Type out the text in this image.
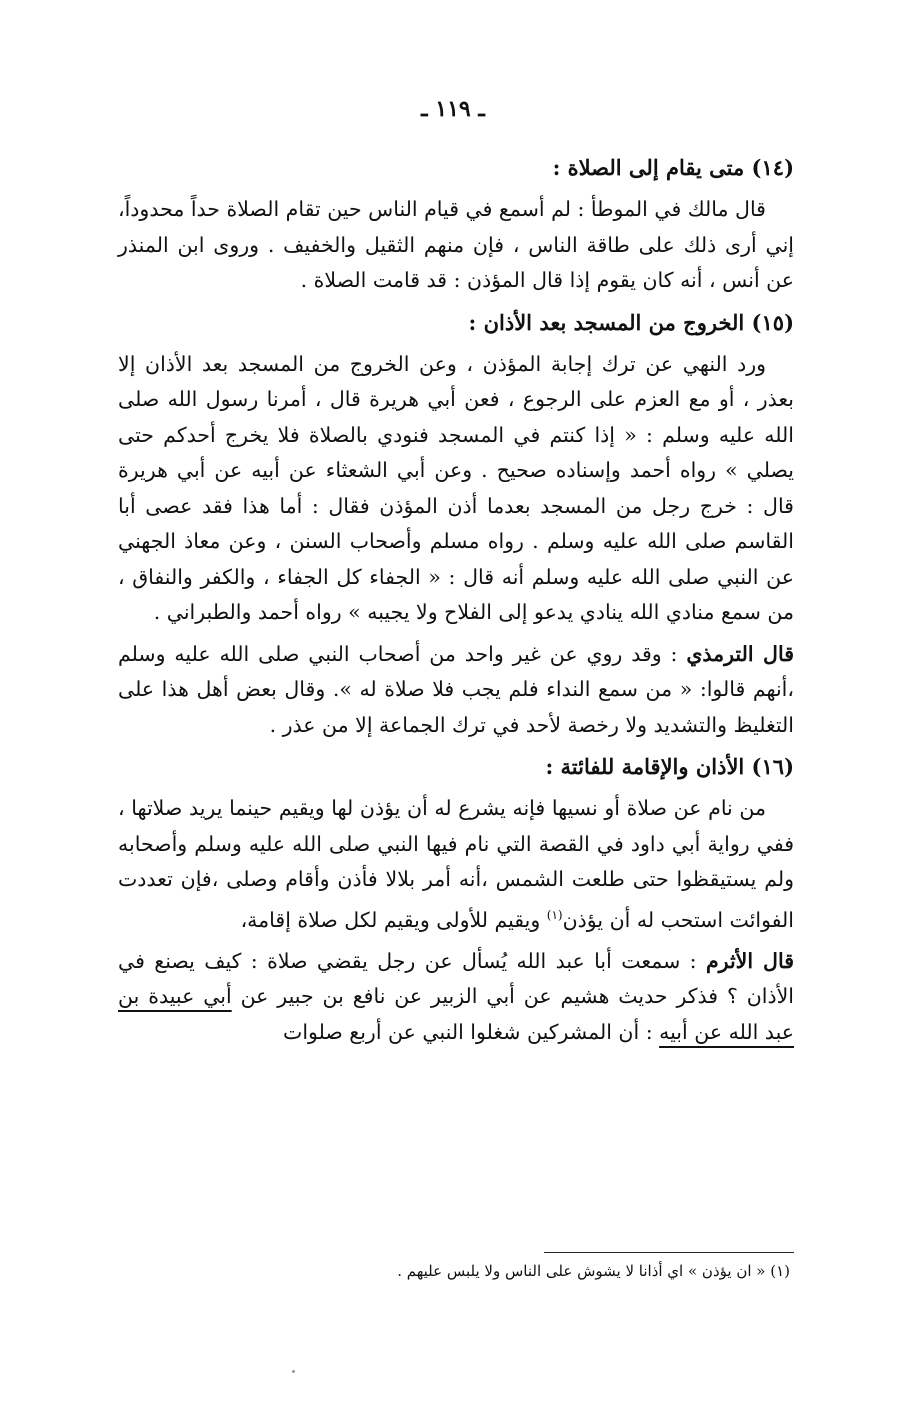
ـ ١١٩ ـ
(١٤) متى يقام إلى الصلاة :

قال مالك في الموطأ : لم أسمع في قيام الناس حين تقام الصلاة حداً محدوداً، إني أرى ذلك على طاقة الناس ، فإن منهم الثقيل والخفيف . وروى ابن المنذر عن أنس ، أنه كان يقوم إذا قال المؤذن : قد قامت الصلاة .

(١٥) الخروج من المسجد بعد الأذان :

ورد النهي عن ترك إجابة المؤذن ، وعن الخروج من المسجد بعد الأذان إلا بعذر ، أو مع العزم على الرجوع ، فعن أبي هريرة قال ، أمرنا رسول الله صلى الله عليه وسلم : « إذا كنتم في المسجد فنودي بالصلاة فلا يخرج أحدكم حتى يصلي » رواه أحمد وإسناده صحيح . وعن أبي الشعثاء عن أبيه عن أبي هريرة قال : خرج رجل من المسجد بعدما أذن المؤذن فقال : أما هذا فقد عصى أبا القاسم صلى الله عليه وسلم . رواه مسلم وأصحاب السنن ، وعن معاذ الجهني عن النبي صلى الله عليه وسلم أنه قال : « الجفاء كل الجفاء ، والكفر والنفاق ، من سمع منادي الله ينادي يدعو إلى الفلاح ولا يجيبه » رواه أحمد والطبراني .

قال الترمذي : وقد روي عن غير واحد من أصحاب النبي صلى الله عليه وسلم ،أنهم قالوا: « من سمع النداء فلم يجب فلا صلاة له ». وقال بعض أهل هذا على التغليظ والتشديد ولا رخصة لأحد في ترك الجماعة إلا من عذر .

(١٦) الأذان والإقامة للفائتة :

من نام عن صلاة أو نسيها فإنه يشرع له أن يؤذن لها ويقيم حينما يريد صلاتها ، ففي رواية أبي داود في القصة التي نام فيها النبي صلى الله عليه وسلم وأصحابه ولم يستيقظوا حتى طلعت الشمس ،أنه أمر بلالا فأذن وأقام وصلى ،فإن تعددت الفوائت استحب له أن يؤذن$^{(١)}$ ويقيم للأولى ويقيم لكل صلاة إقامة،

قال الأثرم : سمعت أبا عبد الله يُسأل عن رجل يقضي صلاة : كيف يصنع في الأذان ؟ فذكر حديث هشيم عن أبي الزبير عن نافع بن جبير عن أبي عبيدة بن عبد الله عن أبيه : أن المشركين شغلوا النبي عن أربع صلوات

(١) « ان يؤذن » اي أذانا لا يشوش على الناس ولا يلبس عليهم .
